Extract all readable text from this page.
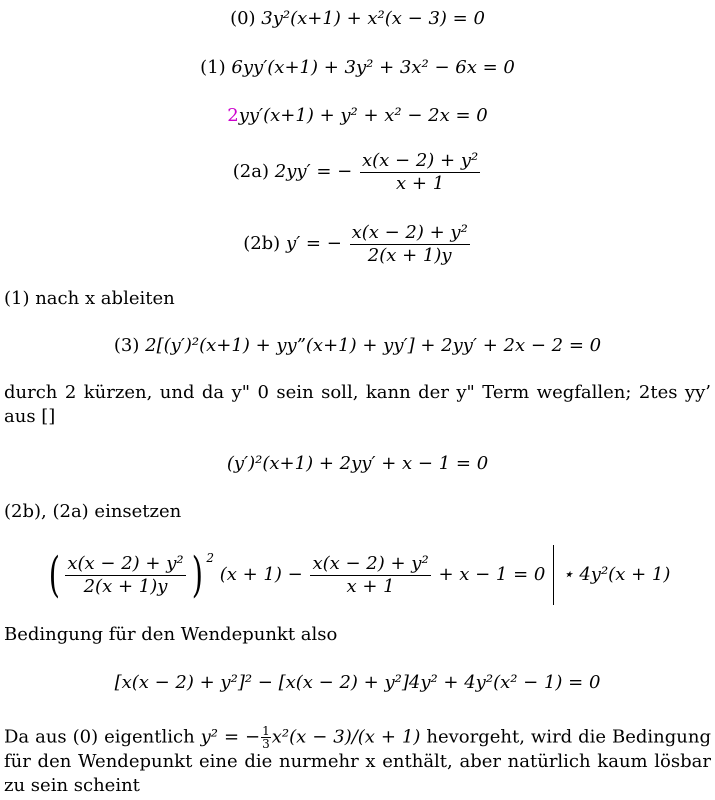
(0) 3y²(x+1) + x²(x − 3) = 0
(1) 6yy′(x+1) + 3y² + 3x² − 6x = 0
2yy′(x+1) + y² + x² − 2x = 0
(2a) 2yy′ = − $\frac{\text{x(x − 2) + y²}}{x + 1}$
(2b) y′ = − $\frac{\text{x(x − 2) + y²}}{2(x + 1)y}$
(1) nach x ableiten
(3) 2[(y′)²(x+1) + yy”(x+1) + yy′] + 2yy′ + 2x − 2 = 0
durch 2 kürzen, und da y" 0 sein soll, kann der y" Term wegfallen; 2tes yy’ aus []
(y′)²(x+1) + 2yy′ + x − 1 = 0
(2b), (2a) einsetzen
( $\frac{\text{x(x − 2) + y²}}{2(x + 1)y}$ ) $^2$ $(x + 1) - \frac{\text{x(x − 2) + y²}}{x + 1} + x - 1 = 0$ ⋆ 4y²(x + 1)
Bedingung für den Wendepunkt also
[x(x − 2) + y²]² − [x(x − 2) + y²]4y² + 4y²(x² − 1) = 0
Da aus (0) eigentlich y² = − $\frac{1}{3} x^2(x - 3)/(x + 1)$ hevorgeht, wird die Bedingung für den Wendepunkt eine die nurmehr x enthält, aber natürlich kaum lösbar zu sein scheint
